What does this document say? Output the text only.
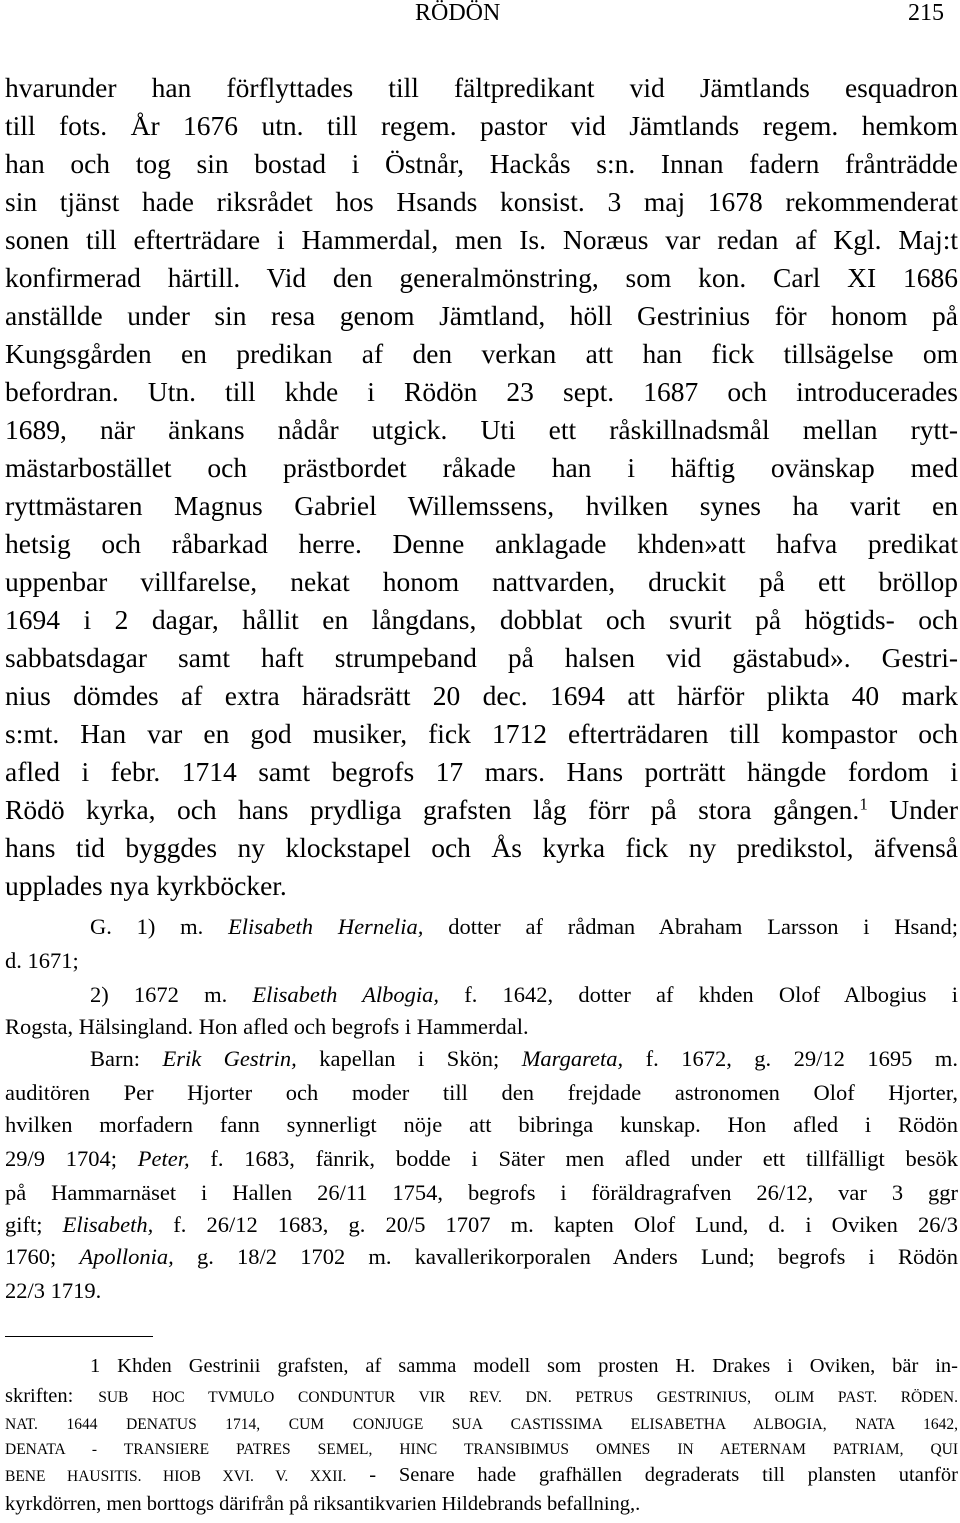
RÖDÖN	215
hvarunder han förflyttades till fältpredikant vid Jämtlands esquadron
till fots. År 1676 utn. till regem. pastor vid Jämtlands regem. hemkom
han och tog sin bostad i Östnår, Hackås s:n. Innan fadern frånträdde
sin tjänst hade riksrådet hos Hsands konsist. 3 maj 1678 rekommenderat
sonen till efterträdare i Hammerdal, men Is. Noræus var redan af Kgl. Maj:t
konfirmerad härtill. Vid den generalmönstring, som kon. Carl XI 1686
anställde under sin resa genom Jämtland, höll Gestrinius för honom på
Kungsgården en predikan af den verkan att han fick tillsägelse om
befordran. Utn. till khde i Rödön 23 sept. 1687 och introducerades
1689, när änkans nådår utgick. Uti ett råskillnadsmål mellan rytt-
mästarbostället och prästbordet råkade han i häftig ovänskap med
ryttmästaren Magnus Gabriel Willemssens, hvilken synes ha varit en
hetsig och råbarkad herre. Denne anklagade khden»att hafva predikat
uppenbar villfarelse, nekat honom nattvarden, druckit på ett bröllop
1694 i 2 dagar, hållit en långdans, dobblat och svurit på högtids- och
sabbatsdagar samt haft strumpeband på halsen vid gästabud». Gestri-
nius dömdes af extra häradsrätt 20 dec. 1694 att härför plikta 40 mark
s:mt. Han var en god musiker, fick 1712 efterträdaren till kompastor och
afled i febr. 1714 samt begrofs 17 mars. Hans porträtt hängde fordom i
Rödö kyrka, och hans prydliga grafsten låg förr på stora gången.$^1$ Under
hans tid byggdes ny klockstapel och Ås kyrka fick ny predikstol, äfvenså
upplades nya kyrkböcker.
G. 1) m. Elisabeth Hernelia, dotter af rådman Abraham Larsson i Hsand;
d. 1671;
2) 1672 m. Elisabeth Albogia, f. 1642, dotter af khden Olof Albogius i
Rogsta, Hälsingland. Hon afled och begrofs i Hammerdal.
Barn: Erik Gestrin, kapellan i Skön; Margareta, f. 1672, g. 29/12 1695 m.
auditören Per Hjorter och moder till den frejdade astronomen Olof Hjorter,
hvilken morfadern fann synnerligt nöje att bibringa kunskap. Hon afled i Rödön
29/9 1704; Peter, f. 1683, fänrik, bodde i Säter men afled under ett tillfälligt besök
på Hammarnäset i Hallen 26/11 1754, begrofs i föräldragrafven 26/12, var 3 ggr
gift; Elisabeth, f. 26/12 1683, g. 20/5 1707 m. kapten Olof Lund, d. i Oviken 26/3
1760; Apollonia, g. 18/2 1702 m. kavallerikorporalen Anders Lund; begrofs i Rödön
22/3 1719.
1 Khden Gestrinii grafsten, af samma modell som prosten H. Drakes i Oviken, bär in-
skriften: SUB HOC TVMULO CONDUNTUR VIR REV. DN. PETRUS GESTRINIUS, OLIM PAST. RÖDEN.
NAT. 1644 DENATUS 1714, CUM CONJUGE SUA CASTISSIMA ELISABETHA ALBOGIA, NATA 1642,
DENATA - TRANSIERE PATRES SEMEL, HINC TRANSIBIMUS OMNES IN AETERNAM PATRIAM, QUI
BENE HAUSITIS. HIOB XVI. V. XXII. - Senare hade grafhällen degraderats till plansten utanför
kyrkdörren, men borttogs därifrån på riksantikvarien Hildebrands befallning,.
